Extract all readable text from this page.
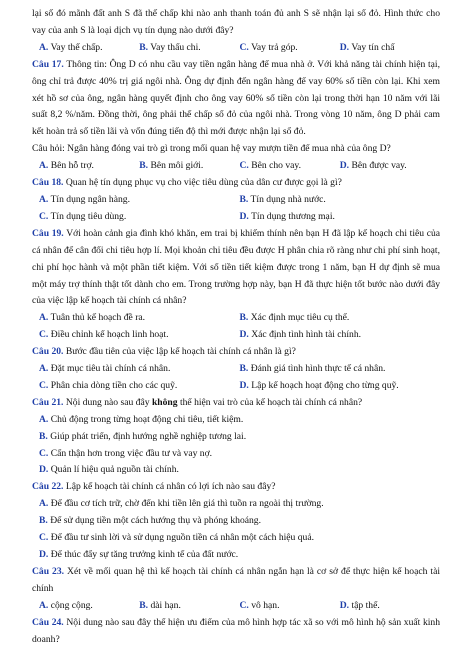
lại số đó mãnh đất anh S đã thế chấp khi nào anh thanh toán đủ anh S sẽ nhận lại số đỏ. Hình thức cho vay của anh S là loại dịch vụ tín dụng nào dưới đây?

A. Vay thế chấp.	B. Vay thấu chi.	C. Vay trả góp.	D. Vay tín chấ

Câu 17. Thông tin: Ông D có nhu cầu vay tiền ngân hàng để mua nhà ở. Với khả năng tài chính hiện tại, ông chỉ trả được 40% trị giá ngôi nhà. Ông dự định đến ngân hàng để vay 60% số tiền còn lại. Khi xem xét hồ sơ của ông, ngân hàng quyết định cho ông vay 60% số tiền còn lại trong thời hạn 10 năm với lãi suất 8,2 %/năm. Đồng thời, ông phải thế chấp sổ đỏ của ngôi nhà. Trong vòng 10 năm, ông D phải cam kết hoàn trả số tiền lãi và vốn đúng tiến độ thì mới được nhận lại sổ đỏ.

Câu hỏi: Ngân hàng đóng vai trò gì trong mối quan hệ vay mượn tiền để mua nhà của ông D?

A. Bên hỗ trợ.	B. Bên môi giới.	C. Bên cho vay.	D. Bên được vay.

Câu 18. Quan hệ tín dụng phục vụ cho việc tiêu dùng của dân cư được gọi là gì?

A. Tín dụng ngân hàng.	B. Tín dụng nhà nước.
C. Tín dụng tiêu dùng.	D. Tín dụng thương mại.

Câu 19. Với hoàn cảnh gia đình khó khăn, em trai bị khiếm thính nên bạn H đã lập kế hoạch chi tiêu của cá nhân để cân đối chi tiêu hợp lí. Mọi khoản chi tiêu đều được H phân chia rõ ràng như chi phí sinh hoạt, chi phí học hành và một phần tiết kiệm. Với số tiền tiết kiệm được trong 1 năm, bạn H dự định sẽ mua một máy trợ thính thật tốt dành cho em. Trong trường hợp này, bạn H đã thực hiện tốt bước nào dưới đây của việc lập kế hoạch tài chính cá nhân?

A. Tuân thủ kế hoạch đề ra.	B. Xác định mục tiêu cụ thể.
C. Điều chỉnh kế hoạch linh hoạt.	D. Xác định tình hình tài chính.

Câu 20. Bước đầu tiên của việc lập kế hoạch tài chính cá nhân là gì?

A. Đặt mục tiêu tài chính cá nhân.	B. Đánh giá tình hình thực tế cá nhân.
C. Phân chia dòng tiền cho các quỹ.	D. Lập kế hoạch hoạt động cho từng quỹ.

Câu 21. Nội dung nào sau đây không thể hiện vai trò của kế hoạch tài chính cá nhân?

A. Chủ động trong từng hoạt động chi tiêu, tiết kiệm.

B. Giúp phát triển, định hướng nghề nghiệp tương lai.

C. Cẩn thận hơn trong việc đầu tư và vay nợ.

D. Quản lí hiệu quả nguồn tài chính.

Câu 22. Lập kế hoạch tài chính cá nhân có lợi ích nào sau đây?

A. Để đầu cơ tích trữ, chờ đến khi tiền lên giá thì tuồn ra ngoài thị trường.

B. Để sử dụng tiền một cách hướng thụ và phóng khoáng.

C. Để đầu tư sinh lời và sử dụng nguồn tiền cá nhân một cách hiệu quả.

D. Để thúc đẩy sự tăng trưởng kinh tế của đất nước.

Câu 23. Xét về mối quan hệ thì kế hoạch tài chính cá nhân ngắn hạn là cơ sở để thực hiện kế hoạch tài chính

A. cộng cộng.	B. dài hạn.	C. vô hạn.	D. tập thể.

Câu 24. Nội dung nào sau đây thể hiện ưu điểm của mô hình hợp tác xã so với mô hình hộ sản xuất kinh doanh?
